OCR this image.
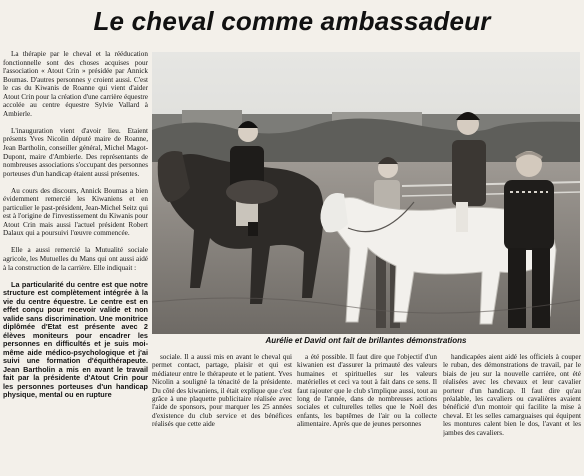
Le cheval comme ambassadeur

La thérapie par le cheval et la rééducation fonctionnelle sont des choses acquises pour l'association « Atout Crin » présidée par Annick Boumas. D'autres personnes y croient aussi. C'est le cas du Kiwanis de Roanne qui vient d'aider Atout Crin pour la création d'une carrière équestre accolée au centre équestre Sylvie Vallard à Ambierle.

L'inauguration vient d'avoir lieu. Etaient présents Yves Nicolin député maire de Roanne, Jean Bartholin, conseiller général, Michel Magot-Dupont, maire d'Ambierle. Des représentants de nombreuses associations s'occupant des personnes porteuses d'un handicap étaient aussi présentes.

Au cours des discours, Annick Boumas a bien évidemment remercié les Kiwaniens et en particulier le past-président, Jean-Michel Seitz qui est à l'origine de l'investissement du Kiwanis pour Atout Crin mais aussi l'actuel président Robert Dalaux qui a poursuivi l'œuvre commencée.

Elle a aussi remercié la Mutualité sociale agricole, les Mutuelles du Mans qui ont aussi aidé à la construction de la carrière. Elle indiquait :

La particularité du centre est que notre structure est complètement intégrée à la vie du centre équestre. Le centre est en effet conçu pour recevoir valide et non valide sans discrimination. Une monitrice diplômée d'Etat est présente avec 2 élèves moniteurs pour encadrer les personnes en difficultés et je suis moi-même aide médico-psychologique et j'ai suivi une formation d'équithérapeute. Jean Bartholin a mis en avant le travail fait par la présidente d'Atout Crin pour les personnes porteuses d'un handicap physique, mental ou en rupture

Aurélie et David ont fait de brillantes démonstrations

sociale. Il a aussi mis en avant le cheval qui permet contact, partage, plaisir et qui est médiateur entre le thérapeute et le patient. Yves Nicolin a souligné la ténacité de la présidente. Du côté des kiwaniens, il était explique que c'est grâce à une plaquette publicitaire réalisée avec l'aide de sponsors, pour marquer les 25 années d'existence du club service et des bénéfices réalisés que cette aide

a été possible. Il faut dire que l'objectif d'un kiwanien est d'assurer la primauté des valeurs humaines et spirituelles sur les valeurs matérielles et ceci va tout à fait dans ce sens. Il faut rajouter que le club s'implique aussi, tout au long de l'année, dans de nombreuses actions sociales et culturelles telles que le Noël des enfants, les baptêmes de l'air ou la collecte alimentaire. Après que de jeunes personnes

handicapées aient aidé les officiels à couper le ruban, des démonstrations de travail, par le biais de jeu sur la nouvelle carrière, ont été réalisées avec les chevaux et leur cavalier porteur d'un handicap. Il faut dire qu'au préalable, les cavaliers ou cavalières avaient bénéficié d'un montoir qui facilite la mise à cheval. Et les selles camarguaises qui équipent les montures calent bien le dos, l'avant et les jambes des cavaliers.
